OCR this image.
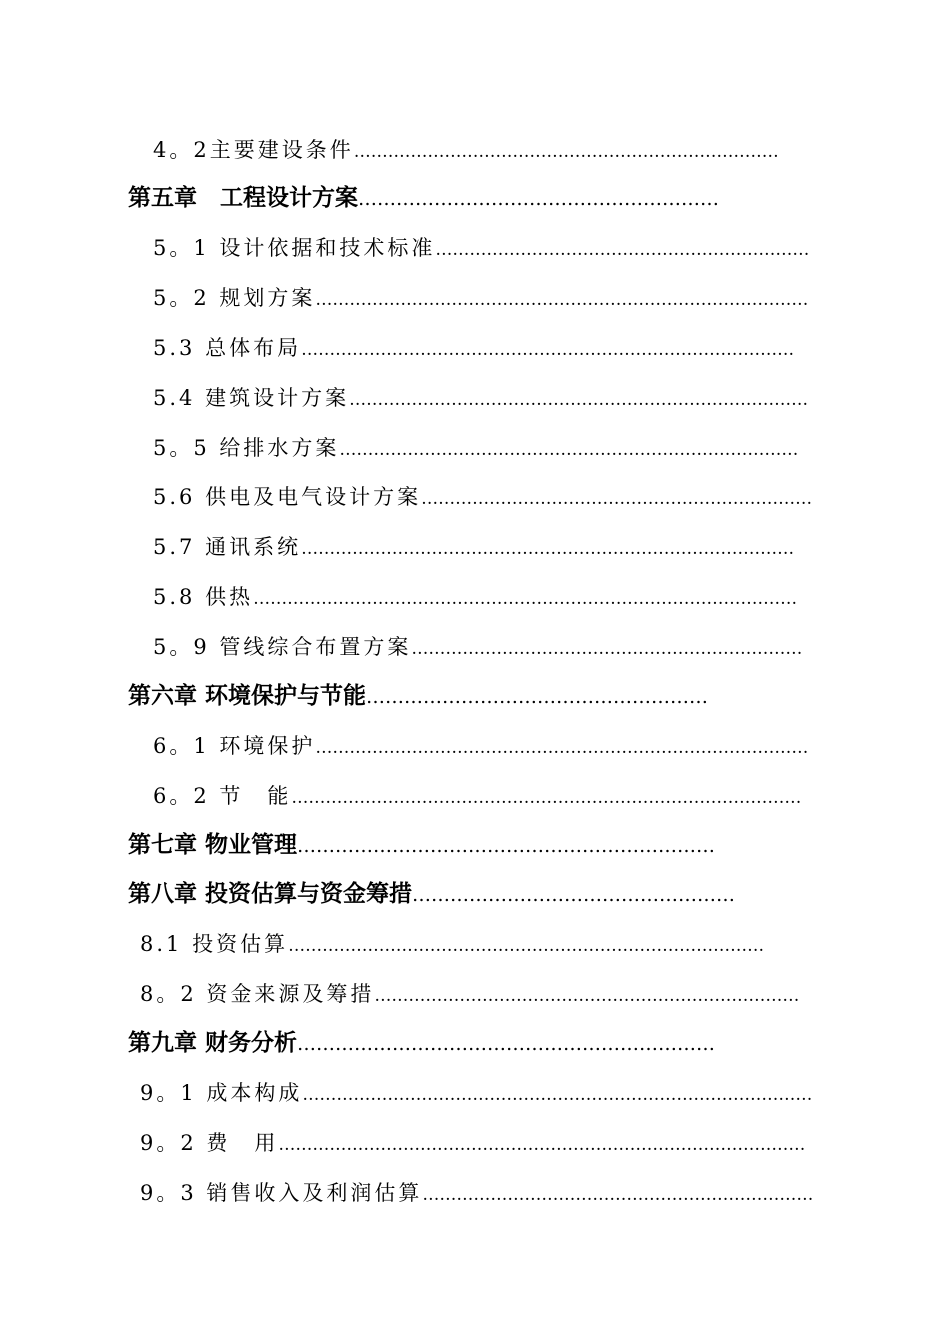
4。2主要建设条件…………………………………………………………………
第五章　工程设计方案…………………………………………………
5。1 设计依据和技术标准…………………………………………………………
5。2 规划方案……………………………………………………………………………
5.3 总体布局……………………………………………………………………………
5.4 建筑设计方案………………………………………………………………………
5。5 给排水方案………………………………………………………………………
5.6 供电及电气设计方案……………………………………………………………
5.7 通讯系统……………………………………………………………………………
5.8 供热……………………………………………………………………………………
5。9 管线综合布置方案……………………………………………………………
第六章 环境保护与节能………………………………………………
6。1 环境保护……………………………………………………………………………
6。2 节　能………………………………………………………………………………
第七章 物业管理…………………………………………………………
第八章 投资估算与资金筹措……………………………………………
8.1 投资估算…………………………………………………………………………
8。2 资金来源及筹措…………………………………………………………………
第九章 财务分析…………………………………………………………
9。1 成本构成………………………………………………………………………………
9。2 费　用…………………………………………………………………………………
9。3 销售收入及利润估算……………………………………………………………
